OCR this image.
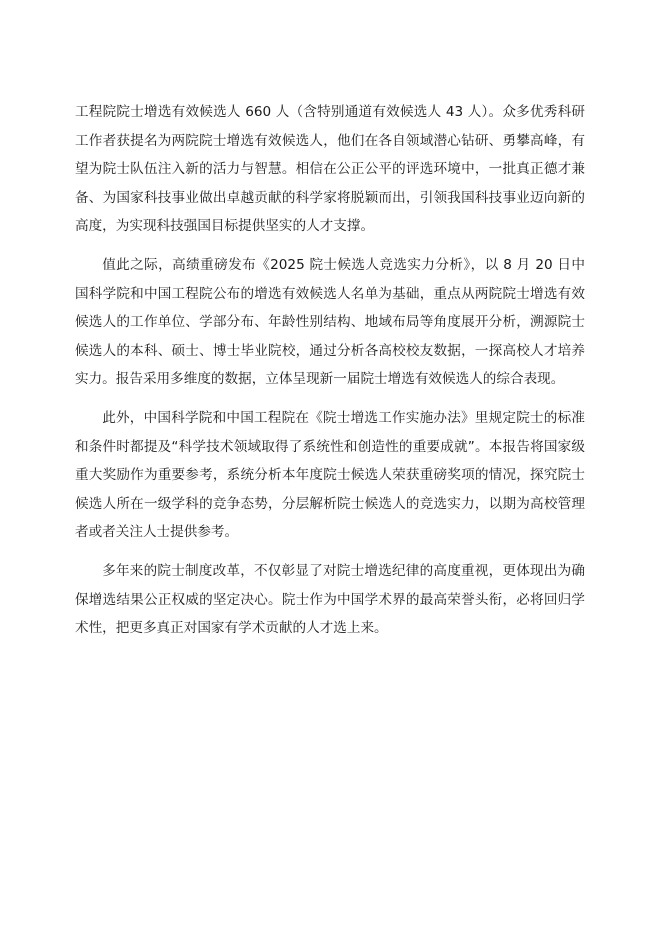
工程院院士增选有效候选人 660 人（含特别通道有效候选人 43 人）。众多优秀科研工作者获提名为两院院士增选有效候选人，他们在各自领域潜心钻研、勇攀高峰，有望为院士队伍注入新的活力与智慧。相信在公正公平的评选环境中，一批真正德才兼备、为国家科技事业做出卓越贡献的科学家将脱颖而出，引领我国科技事业迈向新的高度，为实现科技强国目标提供坚实的人才支撑。

值此之际，高绩重磅发布《2025 院士候选人竞选实力分析》，以 8 月 20 日中国科学院和中国工程院公布的增选有效候选人名单为基础，重点从两院院士增选有效候选人的工作单位、学部分布、年龄性别结构、地域布局等角度展开分析，溯源院士候选人的本科、硕士、博士毕业院校，通过分析各高校校友数据，一探高校人才培养实力。报告采用多维度的数据，立体呈现新一届院士增选有效候选人的综合表现。

此外，中国科学院和中国工程院在《院士增选工作实施办法》里规定院士的标准和条件时都提及“科学技术领域取得了系统性和创造性的重要成就”。本报告将国家级重大奖励作为重要参考，系统分析本年度院士候选人荣获重磅奖项的情况，探究院士候选人所在一级学科的竞争态势，分层解析院士候选人的竞选实力，以期为高校管理者或者关注人士提供参考。

多年来的院士制度改革，不仅彰显了对院士增选纪律的高度重视，更体现出为确保增选结果公正权威的坚定决心。院士作为中国学术界的最高荣誉头衔，必将回归学术性，把更多真正对国家有学术贡献的人才选上来。
